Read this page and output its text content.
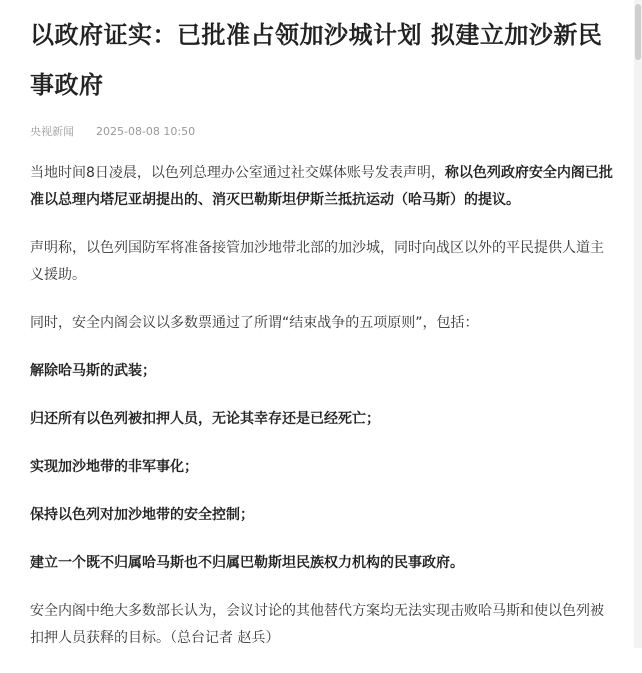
以政府证实：已批准占领加沙城计划 拟建立加沙新民事政府
央视新闻 2025-08-08 10:50

当地时间8日凌晨，以色列总理办公室通过社交媒体账号发表声明，称以色列政府安全内阁已批准以总理内塔尼亚胡提出的、消灭巴勒斯坦伊斯兰抵抗运动（哈马斯）的提议。

声明称，以色列国防军将准备接管加沙地带北部的加沙城，同时向战区以外的平民提供人道主义援助。

同时，安全内阁会议以多数票通过了所谓“结束战争的五项原则”，包括：

解除哈马斯的武装；

归还所有以色列被扣押人员，无论其幸存还是已经死亡；

实现加沙地带的非军事化；

保持以色列对加沙地带的安全控制；

建立一个既不归属哈马斯也不归属巴勒斯坦民族权力机构的民事政府。

安全内阁中绝大多数部长认为，会议讨论的其他替代方案均无法实现击败哈马斯和使以色列被扣押人员获释的目标。（总台记者 赵兵）
